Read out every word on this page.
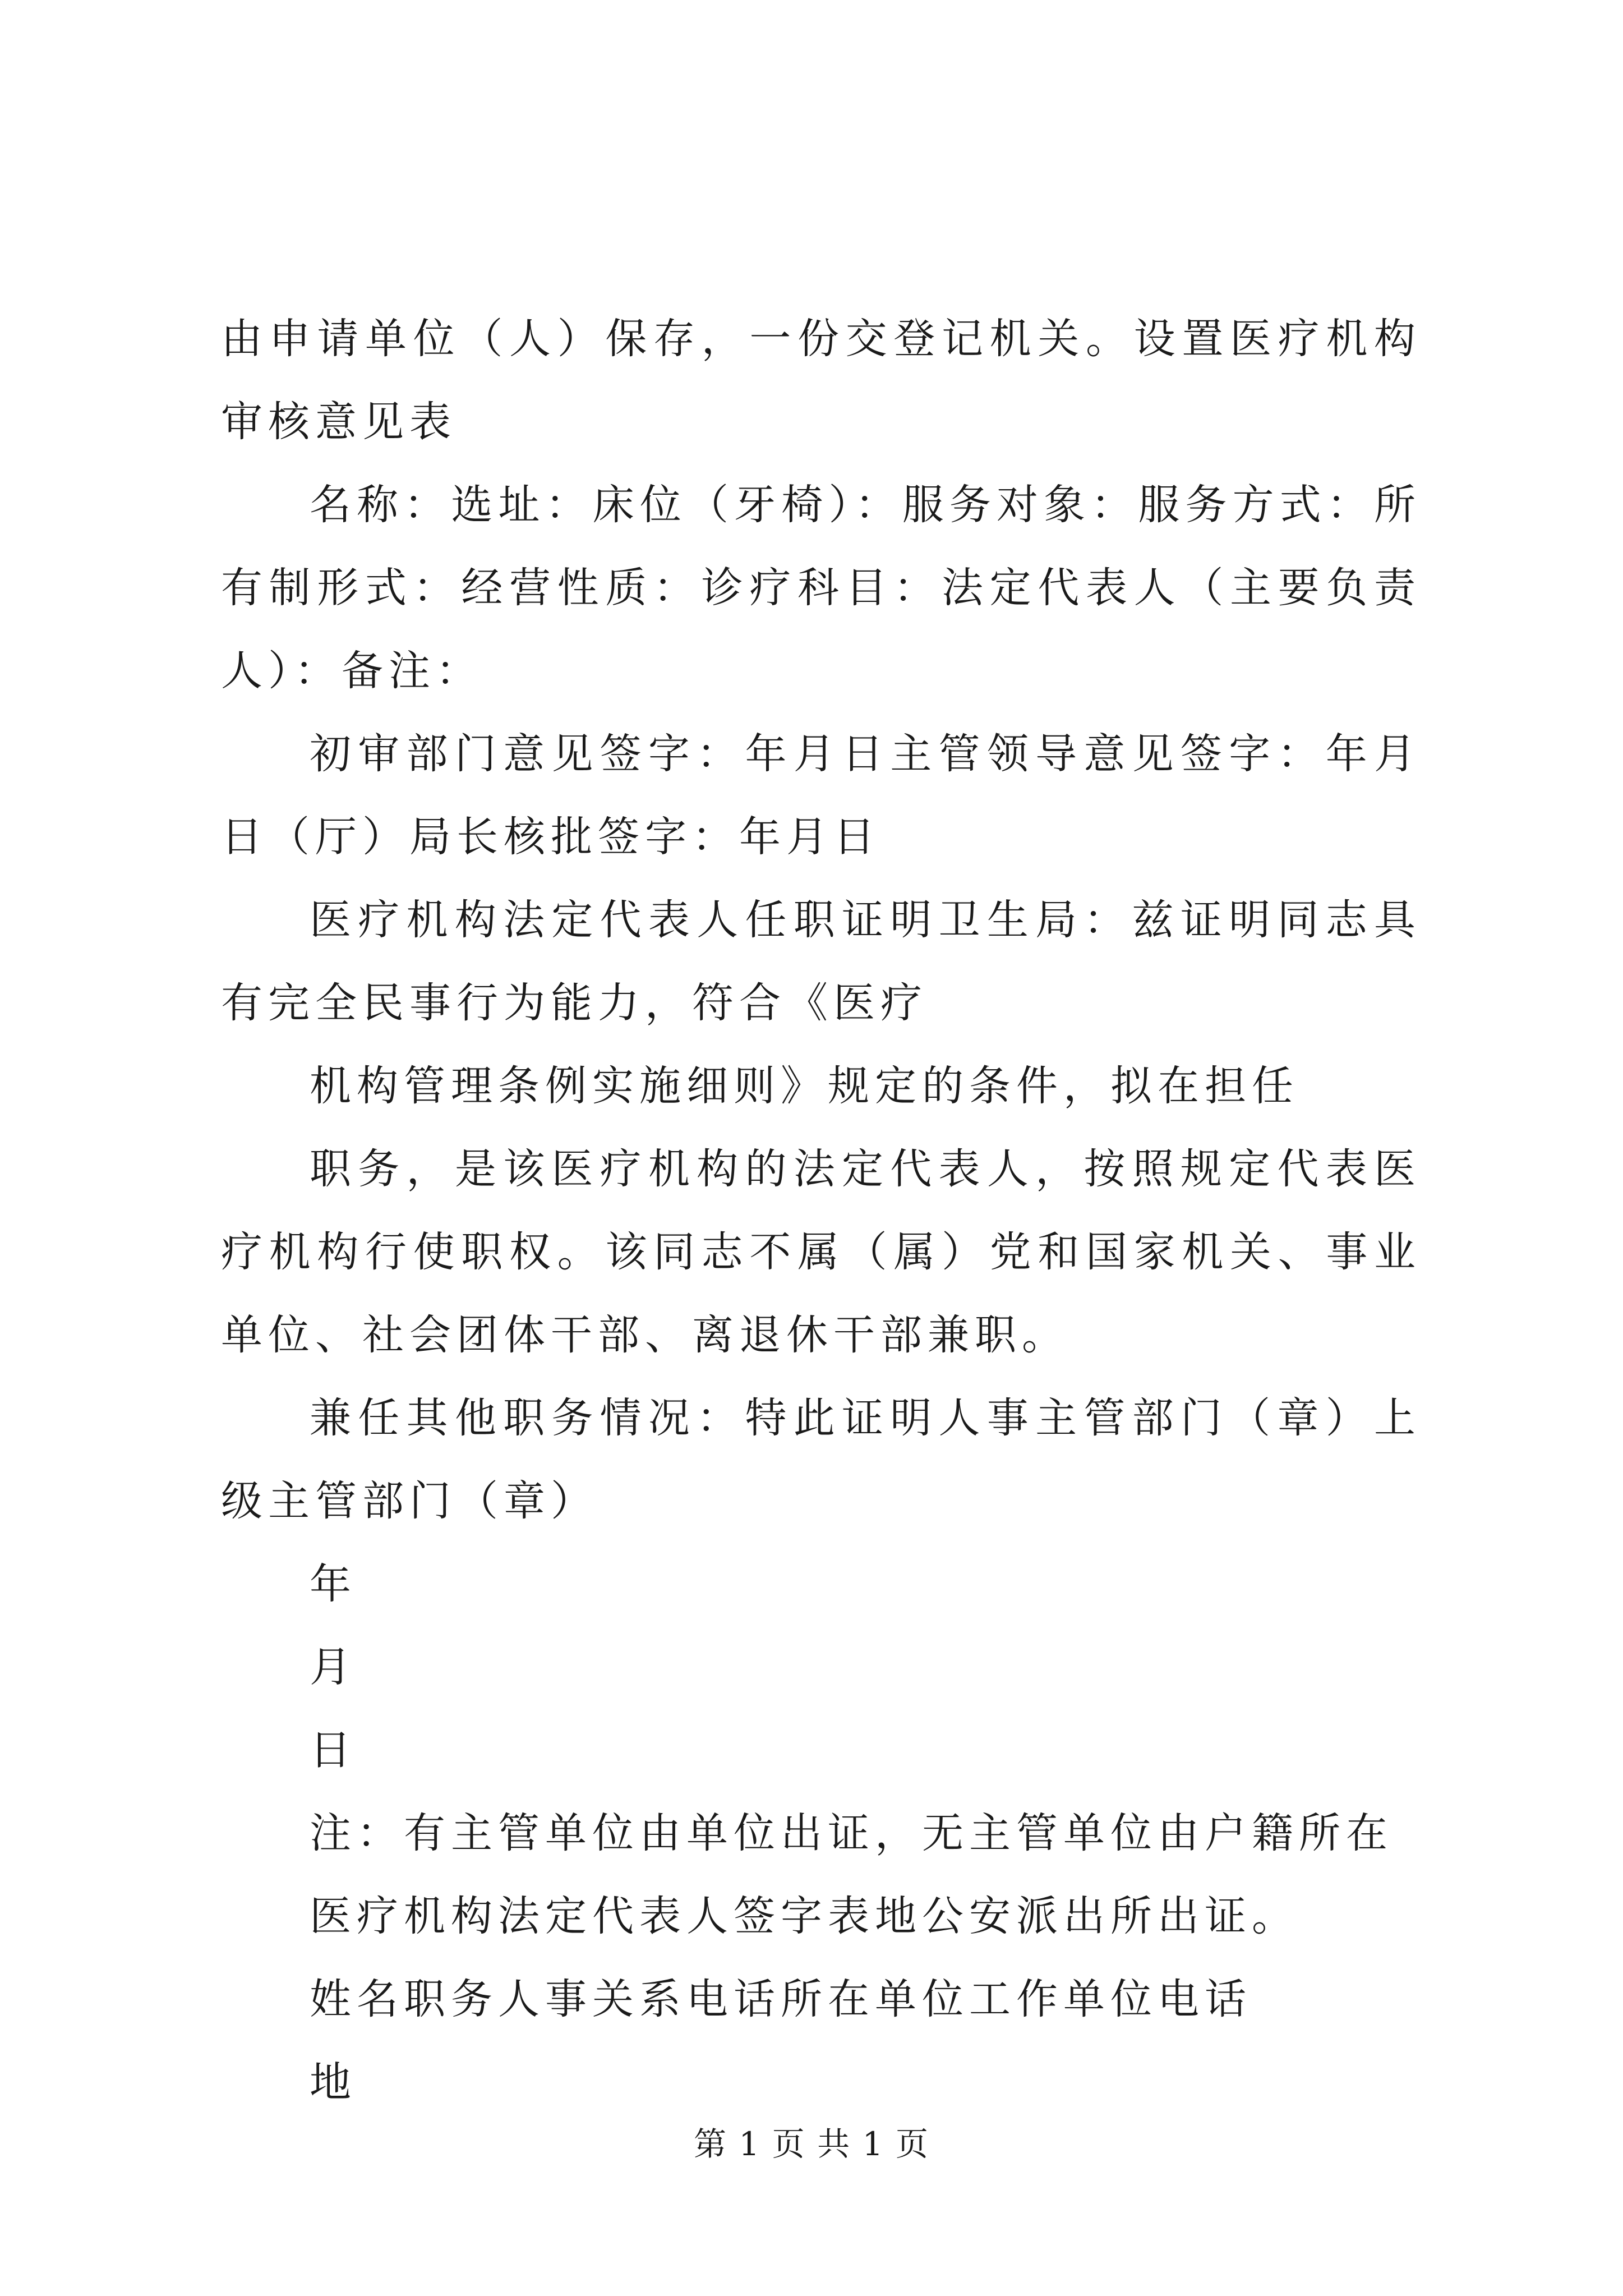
由申请单位（人）保存，一份交登记机关。设置医疗机构审核意见表

名称：选址：床位（牙椅）：服务对象：服务方式：所有制形式：经营性质：诊疗科目：法定代表人（主要负责人）：备注：

初审部门意见签字：年月日主管领导意见签字：年月日（厅）局长核批签字：年月日

医疗机构法定代表人任职证明卫生局：兹证明同志具有完全民事行为能力，符合《医疗

机构管理条例实施细则》规定的条件，拟在担任

职务，是该医疗机构的法定代表人，按照规定代表医疗机构行使职权。该同志不属（属）党和国家机关、事业单位、社会团体干部、离退休干部兼职。

兼任其他职务情况：特此证明人事主管部门（章）上级主管部门（章）

年

月

日

注：有主管单位由单位出证，无主管单位由户籍所在

医疗机构法定代表人签字表地公安派出所出证。

姓名职务人事关系电话所在单位工作单位电话

地

第 1 页 共 1 页
